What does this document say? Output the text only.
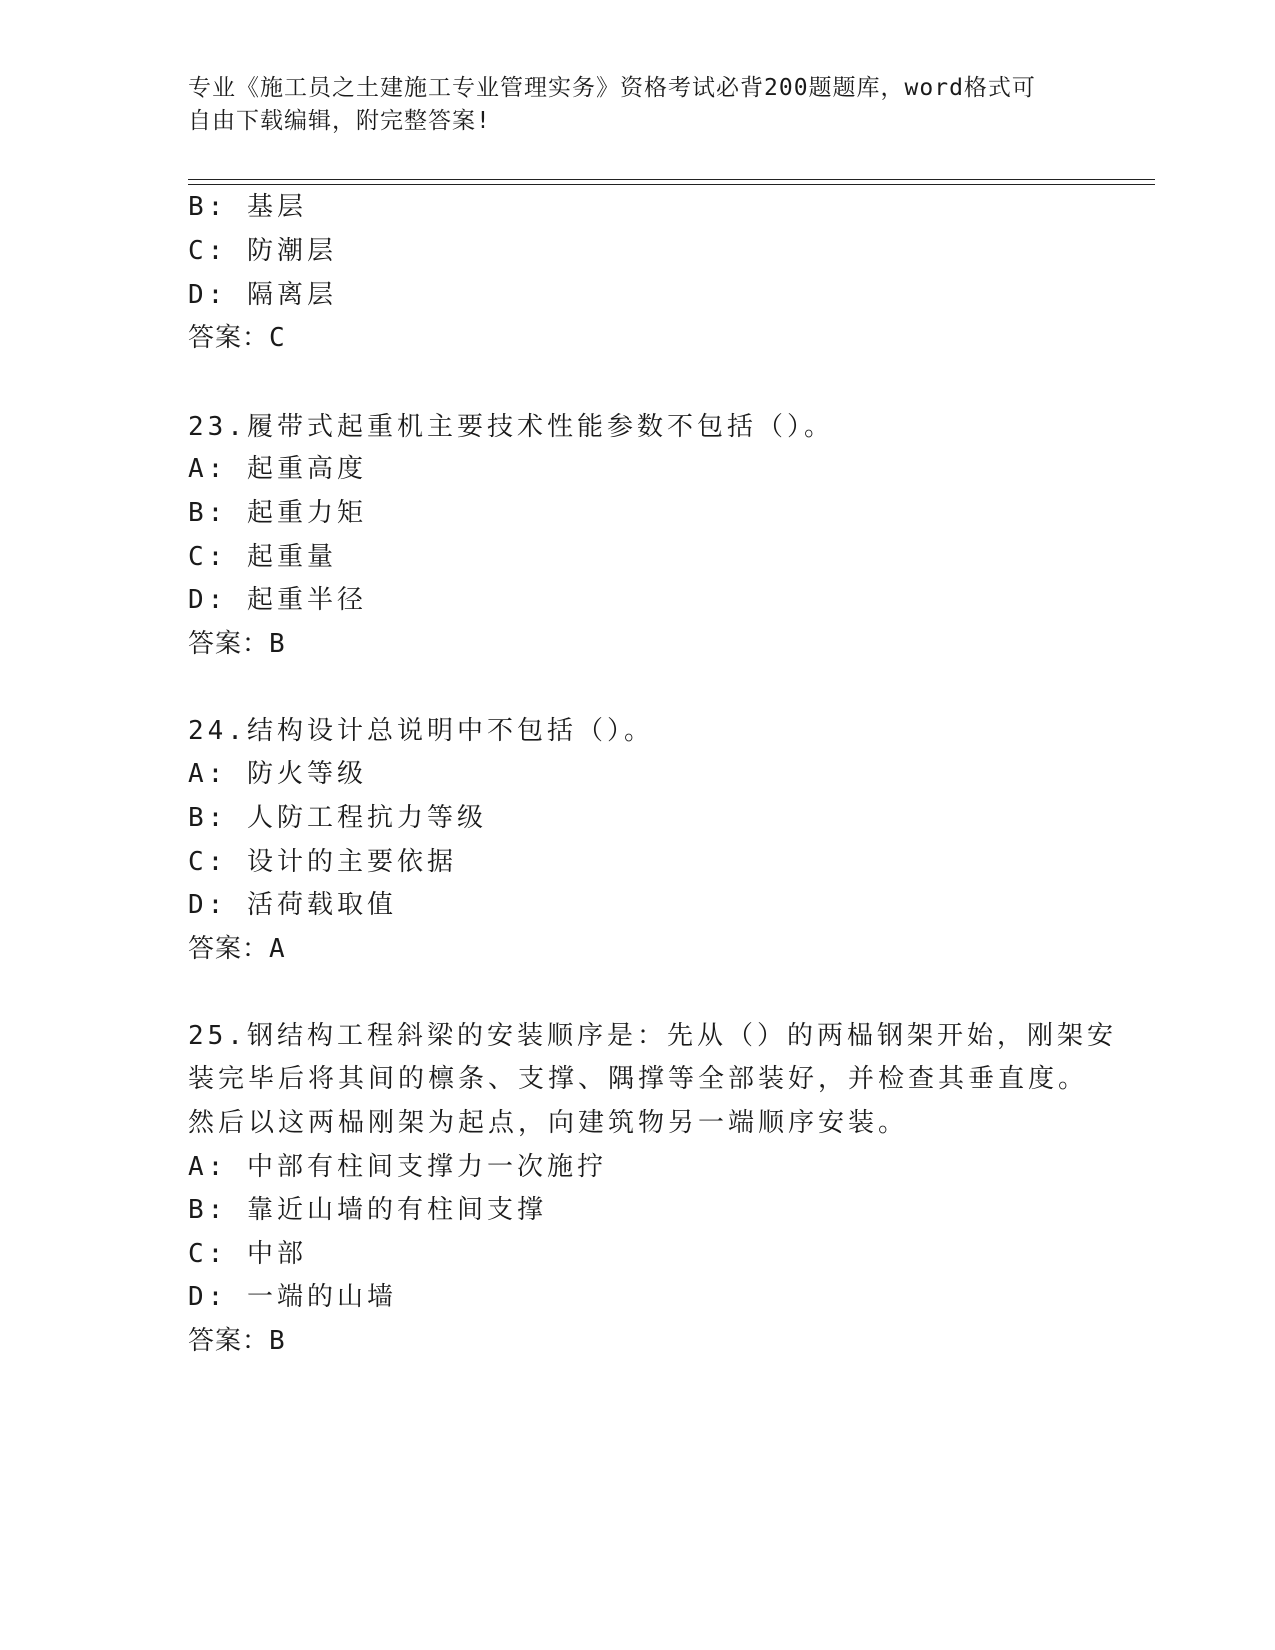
专业《施工员之土建施工专业管理实务》资格考试必背200题题库，word格式可
自由下载编辑，附完整答案!
B: 基层
C: 防潮层
D: 隔离层
答案：C
23.履带式起重机主要技术性能参数不包括（）。
A: 起重高度
B: 起重力矩
C: 起重量
D: 起重半径
答案：B
24.结构设计总说明中不包括（）。
A: 防火等级
B: 人防工程抗力等级
C: 设计的主要依据
D: 活荷载取值
答案：A
25.钢结构工程斜梁的安装顺序是：先从（）的两榀钢架开始，刚架安
装完毕后将其间的檩条、支撑、隅撑等全部装好，并检查其垂直度。
然后以这两榀刚架为起点，向建筑物另一端顺序安装。
A: 中部有柱间支撑力一次施拧
B: 靠近山墙的有柱间支撑
C: 中部
D: 一端的山墙
答案：B
